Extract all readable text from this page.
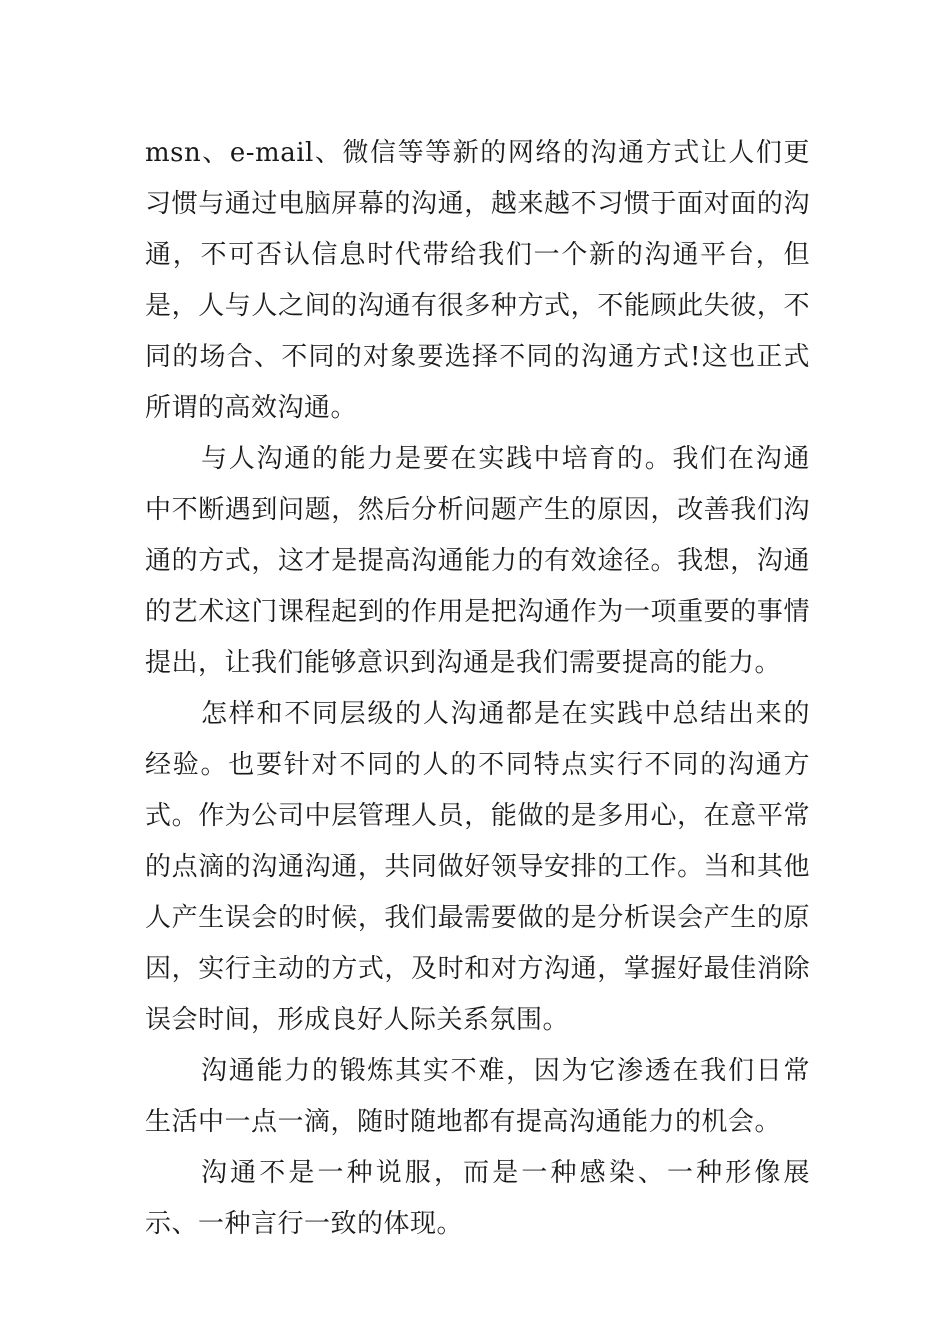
msn、e-mail、微信等等新的网络的沟通方式让人们更习惯与通过电脑屏幕的沟通，越来越不习惯于面对面的沟通，不可否认信息时代带给我们一个新的沟通平台，但是，人与人之间的沟通有很多种方式，不能顾此失彼，不同的场合、不同的对象要选择不同的沟通方式!这也正式所谓的高效沟通。

与人沟通的能力是要在实践中培育的。我们在沟通中不断遇到问题，然后分析问题产生的原因，改善我们沟通的方式，这才是提高沟通能力的有效途径。我想，沟通的艺术这门课程起到的作用是把沟通作为一项重要的事情提出，让我们能够意识到沟通是我们需要提高的能力。

怎样和不同层级的人沟通都是在实践中总结出来的经验。也要针对不同的人的不同特点实行不同的沟通方式。作为公司中层管理人员，能做的是多用心，在意平常的点滴的沟通沟通，共同做好领导安排的工作。当和其他人产生误会的时候，我们最需要做的是分析误会产生的原因，实行主动的方式，及时和对方沟通，掌握好最佳消除误会时间，形成良好人际关系氛围。

沟通能力的锻炼其实不难，因为它渗透在我们日常生活中一点一滴，随时随地都有提高沟通能力的机会。

沟通不是一种说服，而是一种感染、一种形像展示、一种言行一致的体现。
